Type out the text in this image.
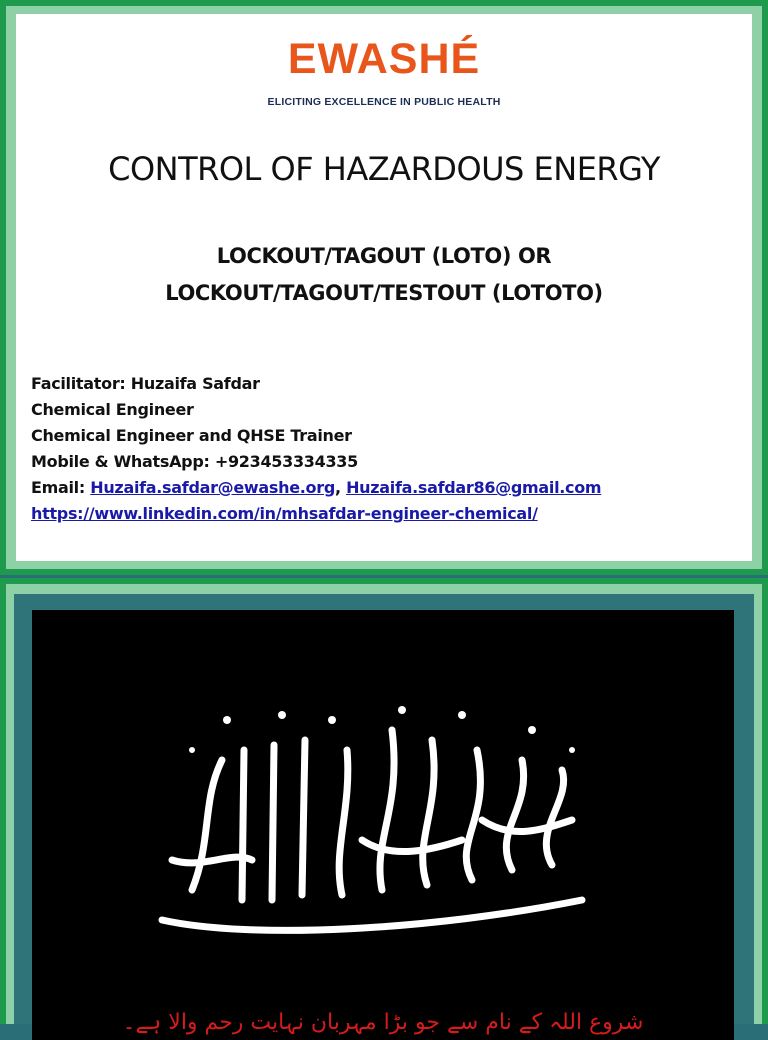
EWASHÉ
ELICITING EXCELLENCE IN PUBLIC HEALTH
CONTROL OF HAZARDOUS ENERGY
LOCKOUT/TAGOUT (LOTO) OR
LOCKOUT/TAGOUT/TESTOUT (LOTOTO)
Facilitator: Huzaifa Safdar
Chemical Engineer
Chemical Engineer and QHSE Trainer
Mobile & WhatsApp: +923453334335
Email: Huzaifa.safdar@ewashe.org, Huzaifa.safdar86@gmail.com
https://www.linkedin.com/in/mhsafdar-engineer-chemical/
شروع اللہ کے نام سے جو بڑا مہربان نہایت رحم والا ہے۔
